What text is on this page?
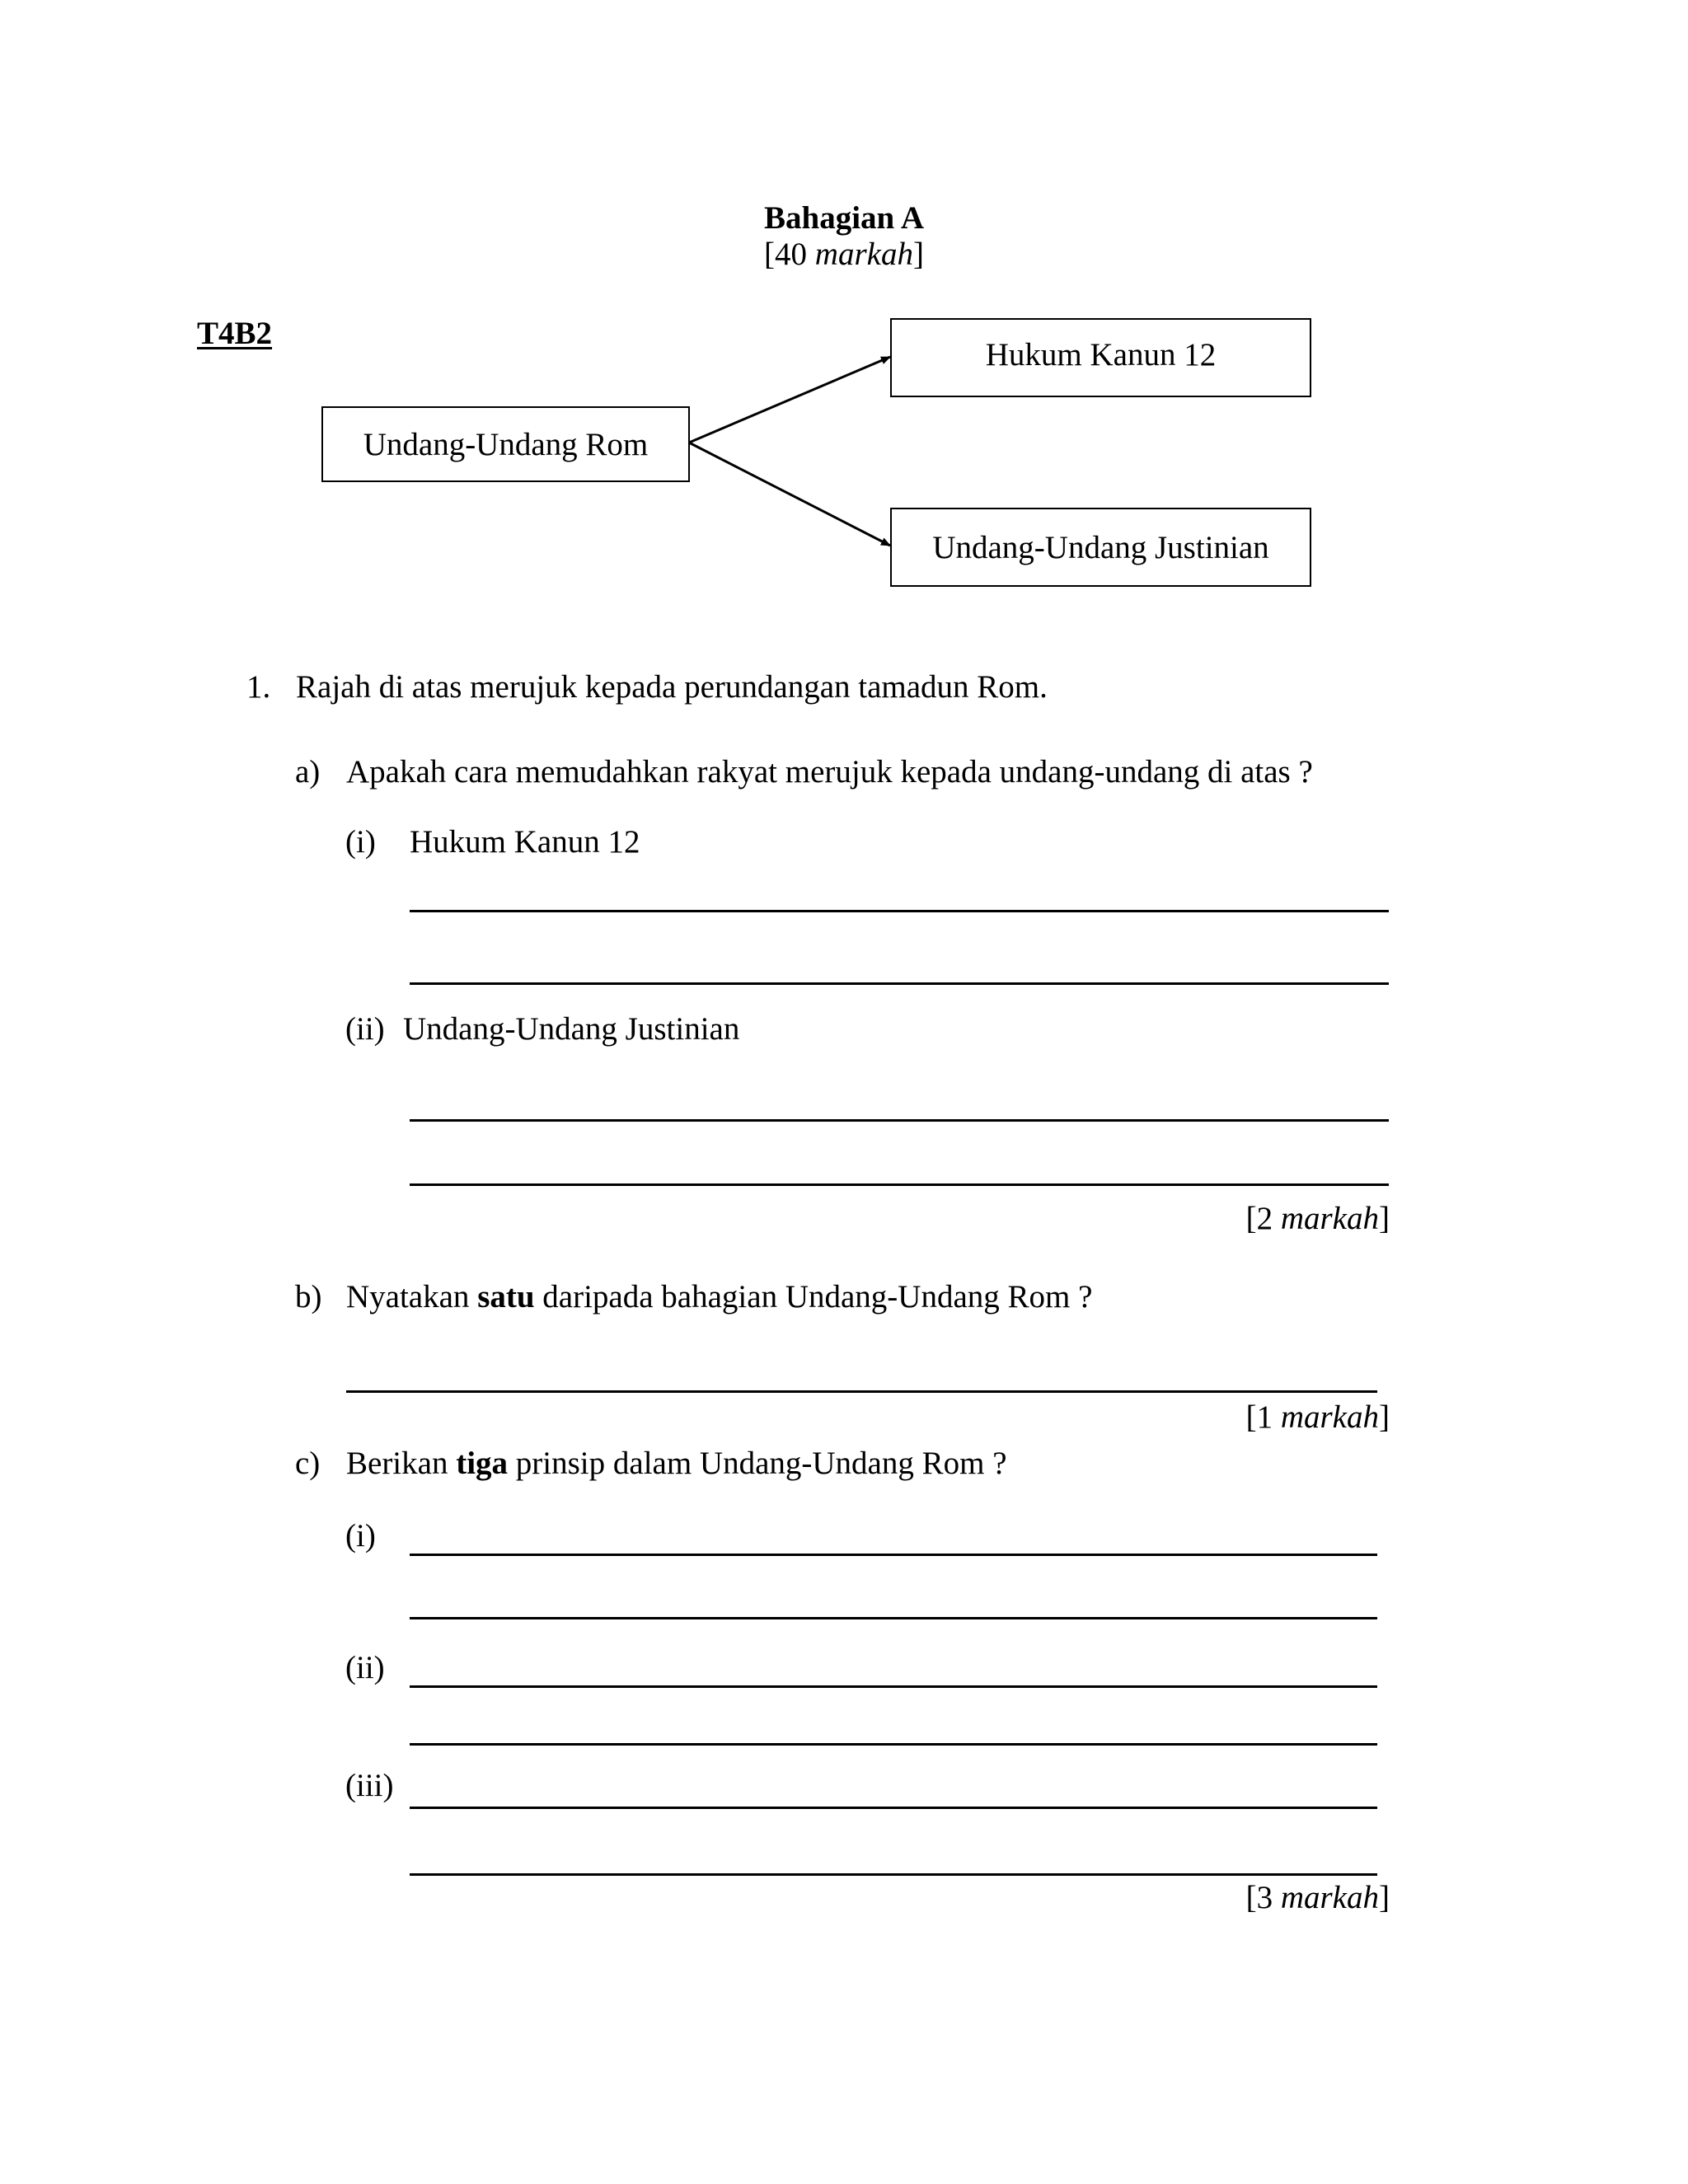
Bahagian A
[40 markah]
T4B2
Undang-Undang Rom
Hukum Kanun 12
Undang-Undang Justinian
1. Rajah di atas merujuk kepada perundangan tamadun Rom.
a) Apakah cara memudahkan rakyat merujuk kepada undang-undang di atas ?
(i) Hukum Kanun 12
(ii) Undang-Undang Justinian
[2 markah]
b) Nyatakan satu daripada bahagian Undang-Undang Rom ?
[1 markah]
c) Berikan tiga prinsip dalam Undang-Undang Rom ?
(i)
(ii)
(iii)
[3 markah]
